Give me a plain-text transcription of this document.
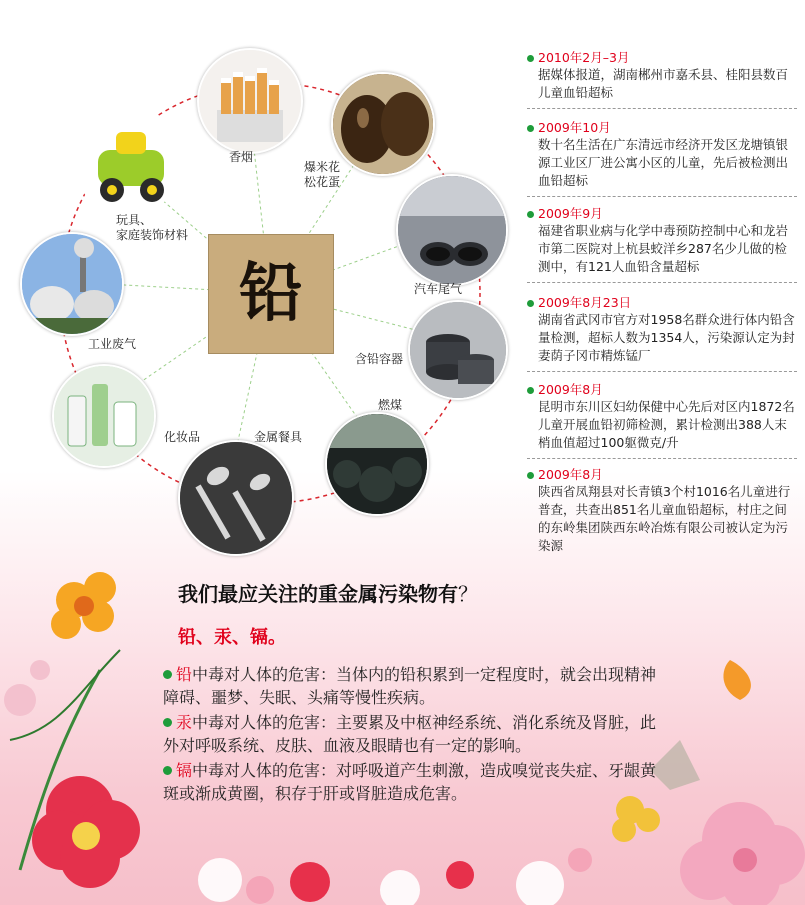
铅
香烟
爆米花
松花蛋
汽车尾气
含铅容器
燃煤
金属餐具
化妆品
工业废气
玩具、
家庭装饰材料
2010年2月–3月
据媒体报道，湖南郴州市嘉禾县、桂阳县数百儿童血铅超标
2009年10月
数十名生活在广东清远市经济开发区龙塘镇银源工业区厂进公寓小区的儿童，先后被检测出血铅超标
2009年9月
福建省职业病与化学中毒预防控制中心和龙岩市第二医院对上杭县蛟洋乡287名少儿做的检测中，有121人血铅含量超标
2009年8月23日
湖南省武冈市官方对1958名群众进行体内铅含量检测，超标人数为1354人，污染源认定为封妻荫子冈市精炼锰厂
2009年8月
昆明市东川区妇幼保健中心先后对区内1872名儿童开展血铅初筛检测，累计检测出388人末梢血值超过100躯微克/升
2009年8月
陕西省凤翔县对长青镇3个村1016名儿童进行普查，共查出851名儿童血铅超标，村庄之间的东岭集团陕西东岭冶炼有限公司被认定为污染源
我们最应关注的重金属污染物有？
铅、汞、镉。
铅中毒对人体的危害：当体内的铅积累到一定程度时，就会出现精神障碍、噩梦、失眠、头痛等慢性疾病。
汞中毒对人体的危害：主要累及中枢神经系统、消化系统及肾脏，此外对呼吸系统、皮肤、血液及眼睛也有一定的影响。
镉中毒对人体的危害：对呼吸道产生刺激，造成嗅觉丧失症、牙龈黄斑或渐成黄圈，积存于肝或肾脏造成危害。
